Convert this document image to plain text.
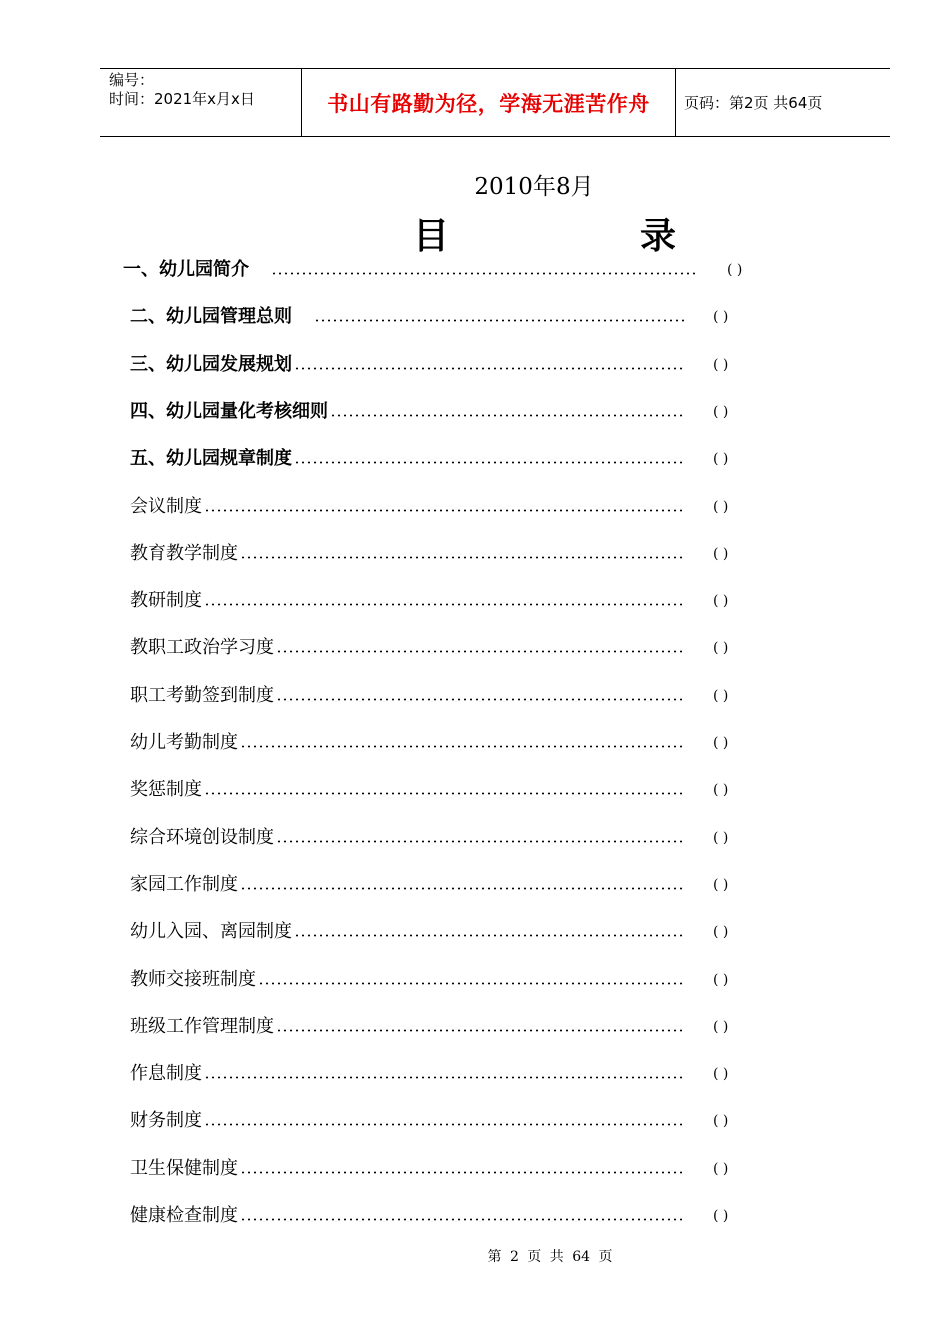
编号：
时间：2021年x月x日	书山有路勤为径，学海无涯苦作舟	页码：第2页 共64页
2010年8月
目	录
一、幼儿园简介	( )
二、幼儿园管理总则	( )
三、幼儿园发展规划	( )
四、幼儿园量化考核细则	( )
五、幼儿园规章制度	( )
会议制度	( )
教育教学制度	( )
教研制度	( )
教职工政治学习度	( )
职工考勤签到制度	( )
幼儿考勤制度	( )
奖惩制度	( )
综合环境创设制度	( )
家园工作制度	( )
幼儿入园、离园制度	( )
教师交接班制度	( )
班级工作管理制度	( )
作息制度	( )
财务制度	( )
卫生保健制度	( )
健康检查制度	( )
第 2 页 共 64 页
